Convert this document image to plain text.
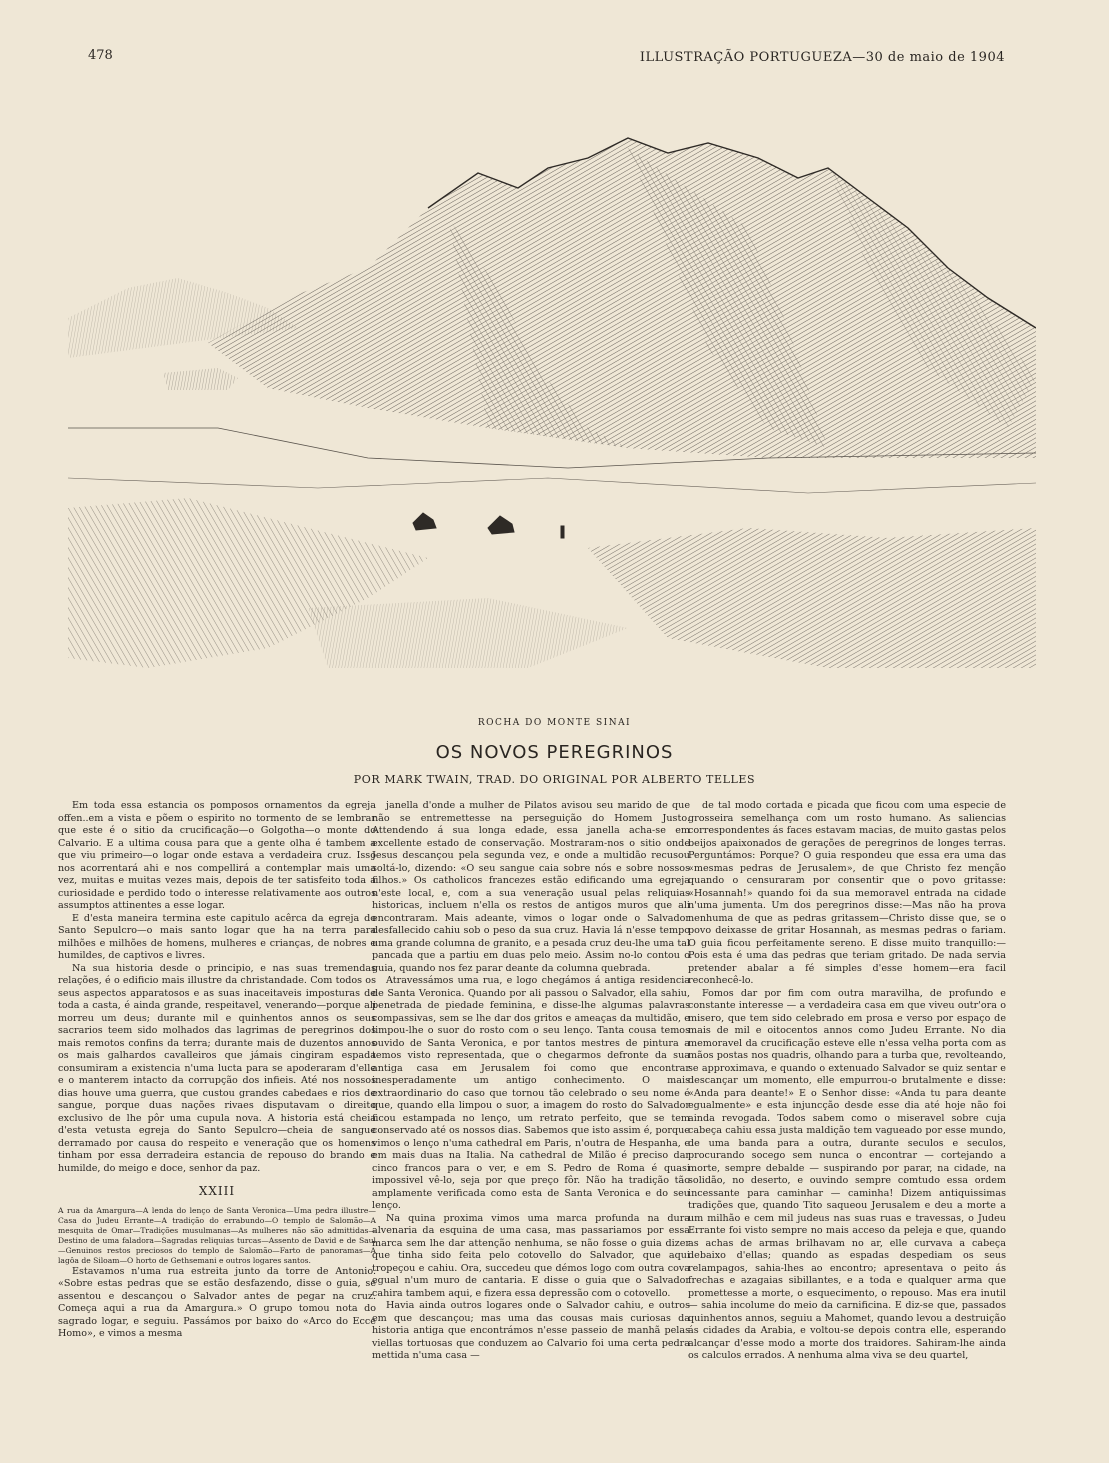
478	ILLUSTRAÇÃO PORTUGUEZA—30 de maio de 1904
ROCHA DO MONTE SINAI
OS NOVOS PEREGRINOS
POR MARK TWAIN, TRAD. DO ORIGINAL POR ALBERTO TELLES

Em toda essa estancia os pomposos ornamentos da egreja offen..em a vista e põem o espirito no tormento de se lembrar que este é o sitio da crucificação—o Golgotha—o monte do Calvario. E a ultima cousa para que a gente olha é tambem a que viu primeiro—o logar onde estava a verdadeira cruz. Isso nos acorrentará ahi e nos compellirá a contemplar mais uma vez, muitas e muitas vezes mais, depois de ter satisfeito toda a curiosidade e perdido todo o interesse relativamente aos outros assumptos attinentes a esse logar.

E d'esta maneira termina este capitulo acêrca da egreja do Santo Sepulcro—o mais santo logar que ha na terra para milhões e milhões de homens, mulheres e crianças, de nobres e humildes, de captivos e livres.

Na sua historia desde o principio, e nas suas tremendas relações, é o edificio mais illustre da christandade. Com todos os seus aspectos apparatosos e as suas inaceitaveis imposturas de toda a casta, é ainda grande, respeitavel, venerando—porque ali morreu um deus; durante mil e quinhentos annos os seus sacrarios teem sido molhados das lagrimas de peregrinos dos mais remotos confins da terra; durante mais de duzentos annos os mais galhardos cavalleiros que jámais cingiram espada consumiram a existencia n'uma lucta para se apoderaram d'elle e o manterem intacto da corrupção dos infieis. Até nos nossos dias houve uma guerra, que custou grandes cabedaes e rios de sangue, porque duas nações rivaes disputavam o direito exclusivo de lhe pôr uma cupula nova. A historia está cheia d'esta vetusta egreja do Santo Sepulcro—cheia de sangue derramado por causa do respeito e veneração que os homens tinham por essa derradeira estancia de repouso do brando e humilde, do meigo e doce, senhor da paz.

XXIII

A rua da Amargura—A lenda do lenço de Santa Veronica—Uma pedra illustre—Casa do Judeu Errante—A tradição do errabundo—O templo de Salomão—A mesquita de Omar—Tradições musulmanas—As mulheres não são admittidas—Destino de uma faladora—Sagradas reliquias turcas—Assento de David e de Saul—Genuinos restos preciosos do templo de Salomão—Farto de panoramas—A lagôa de Siloam—O horto de Gethsemani e outros logares santos.

Estavamos n'uma rua estreita junto da torre de Antonio. «Sobre estas pedras que se estão desfazendo, disse o guia, se assentou e descançou o Salvador antes de pegar na cruz. Começa aqui a rua da Amargura.» O grupo tomou nota do sagrado logar, e seguiu. Passámos por baixo do «Arco do Ecce Homo», e vimos a mesma

janella d'onde a mulher de Pilatos avisou seu marido de que não se entremettesse na perseguição do Homem Justo. Attendendo á sua longa edade, essa janella acha-se em excellente estado de conservação. Mostraram-nos o sitio onde Jesus descançou pela segunda vez, e onde a multidão recusou soltá-lo, dizendo: «O seu sangue caia sobre nós e sobre nossos filhos.» Os catholicos francezes estão edificando uma egreja n'este local, e, com a sua veneração usual pelas reliquias historicas, incluem n'ella os restos de antigos muros que ali encontraram. Mais adeante, vimos o logar onde o Salvador desfallecido cahiu sob o peso da sua cruz. Havia lá n'esse tempo uma grande columna de granito, e a pesada cruz deu-lhe uma tal pancada que a partiu em duas pelo meio. Assim no-lo contou o guia, quando nos fez parar deante da columna quebrada.

Atravessámos uma rua, e logo chegámos á antiga residencia de Santa Veronica. Quando por ali passou o Salvador, ella sahiu, penetrada de piedade feminina, e disse-lhe algumas palavras compassivas, sem se lhe dar dos gritos e ameaças da multidão, e limpou-lhe o suor do rosto com o seu lenço. Tanta cousa temos ouvido de Santa Veronica, e por tantos mestres de pintura a temos visto representada, que o chegarmos defronte da sua antiga casa em Jerusalem foi como que encontrar inesperadamente um antigo conhecimento. O mais extraordinario do caso que tornou tão celebrado o seu nome é que, quando ella limpou o suor, a imagem do rosto do Salvador ficou estampada no lenço, um retrato perfeito, que se tem conservado até os nossos dias. Sabemos que isto assim é, porque vimos o lenço n'uma cathedral em Paris, n'outra de Hespanha, e em mais duas na Italia. Na cathedral de Milão é preciso dar cinco francos para o ver, e em S. Pedro de Roma é quasi impossivel vê-lo, seja por que preço fôr. Não ha tradição tão amplamente verificada como esta de Santa Veronica e do seu lenço.

Na quina proxima vimos uma marca profunda na dura alvenaria da esquina de uma casa, mas passariamos por essa marca sem lhe dar attenção nenhuma, se não fosse o guia dizer que tinha sido feita pelo cotovello do Salvador, que aqui tropeçou e cahiu. Ora, succedeu que démos logo com outra cova egual n'um muro de cantaria. E disse o guia que o Salvador cahira tambem aqui, e fizera essa depressão com o cotovello.

Havia ainda outros logares onde o Salvador cahiu, e outros em que descançou; mas uma das cousas mais curiosas da historia antiga que encontrámos n'esse passeio de manhã pelas viellas tortuosas que conduzem ao Calvario foi uma certa pedra mettida n'uma casa —

de tal modo cortada e picada que ficou com uma especie de grosseira semelhança com um rosto humano. As saliencias correspondentes ás faces estavam macias, de muito gastas pelos beijos apaixonados de gerações de peregrinos de longes terras. Perguntámos: Porque? O guia respondeu que essa era uma das «mesmas pedras de Jerusalem», de que Christo fez menção quando o censuraram por consentir que o povo gritasse: «Hosannah!» quando foi da sua memoravel entrada na cidade n'uma jumenta. Um dos peregrinos disse:—Mas não ha prova nenhuma de que as pedras gritassem—Christo disse que, se o povo deixasse de gritar Hosannah, as mesmas pedras o fariam. O guia ficou perfeitamente sereno. E disse muito tranquillo:—Pois esta é uma das pedras que teriam gritado. De nada servia pretender abalar a fé simples d'esse homem—era facil reconhecê-lo.

Fomos dar por fim com outra maravilha, de profundo e constante interesse — a verdadeira casa em que viveu outr'ora o misero, que tem sido celebrado em prosa e verso por espaço de mais de mil e oitocentos annos como Judeu Errante. No dia memoravel da crucificação esteve elle n'essa velha porta com as mãos postas nos quadris, olhando para a turba que, revolteando, se approximava, e quando o extenuado Salvador se quiz sentar e descançar um momento, elle empurrou-o brutalmente e disse: «Anda para deante!» E o Senhor disse: «Anda tu para deante egualmente» e esta injuncção desde esse dia até hoje não foi ainda revogada. Todos sabem como o miseravel sobre cuja cabeça cahiu essa justa maldição tem vagueado por esse mundo, de uma banda para a outra, durante seculos e seculos, procurando socego sem nunca o encontrar — cortejando a morte, sempre debalde — suspirando por parar, na cidade, na solidão, no deserto, e ouvindo sempre comtudo essa ordem incessante para caminhar — caminha! Dizem antiquissimas tradições que, quando Tito saqueou Jerusalem e deu a morte a um milhão e cem mil judeus nas suas ruas e travessas, o Judeu Errante foi visto sempre no mais acceso da peleja e que, quando as achas de armas brilhavam no ar, elle curvava a cabeça debaixo d'ellas; quando as espadas despediam os seus relampagos, sahia-lhes ao encontro; apresentava o peito ás frechas e azagaias sibillantes, e a toda e qualquer arma que promettesse a morte, o esquecimento, o repouso. Mas era inutil — sahia incolume do meio da carnificina. E diz-se que, passados quinhentos annos, seguiu a Mahomet, quando levou a destruição ás cidades da Arabia, e voltou-se depois contra elle, esperando alcançar d'esse modo a morte dos traidores. Sahiram-lhe ainda os calculos errados. A nenhuma alma viva se deu quartel,
